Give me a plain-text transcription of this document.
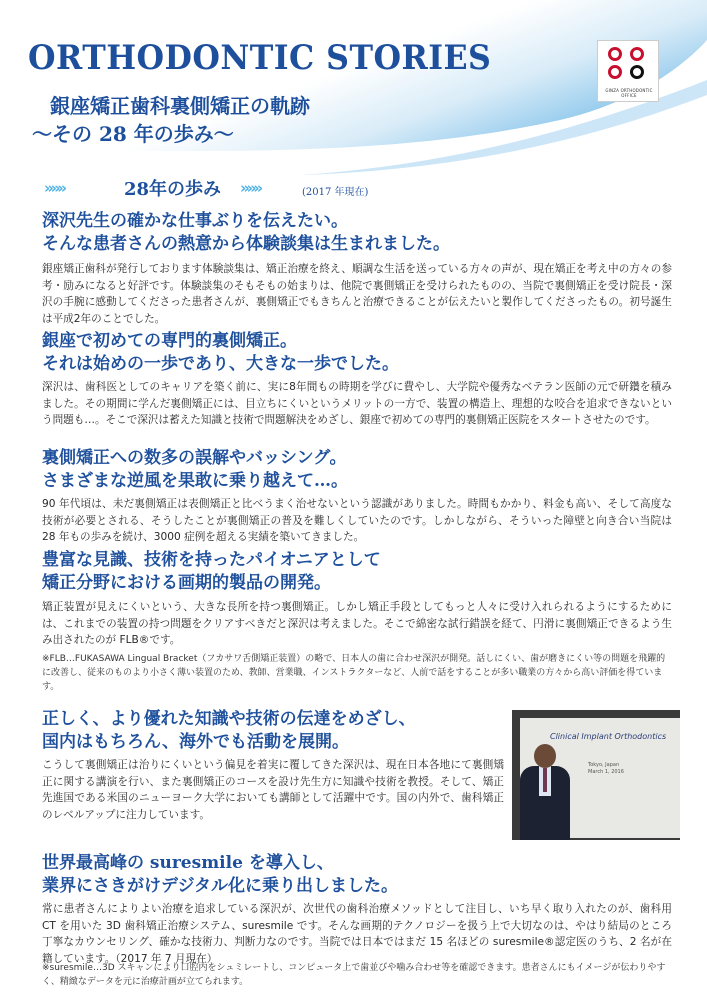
ORTHODONTIC STORIES
銀座矯正歯科裏側矯正の軌跡
〜その 28 年の歩み〜
GINZA ORTHODONTIC OFFICE
»»»	28年の歩み »»»	(2017 年現在)
深沢先生の確かな仕事ぶりを伝えたい。
そんな患者さんの熱意から体験談集は生まれました。
銀座矯正歯科が発行しております体験談集は、矯正治療を終え、順調な生活を送っている方々の声が、現在矯正を考え中の方々の参考・励みになると好評です。体験談集のそもそもの始まりは、他院で裏側矯正を受けられたものの、当院で裏側矯正を受け院長・深沢の手腕に感動してくださった患者さんが、裏側矯正でもきちんと治療できることが伝えたいと製作してくださったもの。初号誕生は平成2年のことでした。
銀座で初めての専門的裏側矯正。
それは始めの一歩であり、大きな一歩でした。
深沢は、歯科医としてのキャリアを築く前に、実に8年間もの時期を学びに費やし、大学院や優秀なベテラン医師の元で研鑽を積みました。その期間に学んだ裏側矯正には、目立ちにくいというメリットの一方で、装置の構造上、理想的な咬合を追求できないという問題も…。そこで深沢は蓄えた知識と技術で問題解決をめざし、銀座で初めての専門的裏側矯正医院をスタートさせたのです。
裏側矯正への数多の誤解やバッシング。
さまざまな逆風を果敢に乗り越えて…。
90 年代頃は、未だ裏側矯正は表側矯正と比べうまく治せないという認識がありました。時間もかかり、料金も高い、そして高度な技術が必要とされる、そうしたことが裏側矯正の普及を難しくしていたのです。しかしながら、そういった障壁と向き合い当院は 28 年もの歩みを続け、3000 症例を超える実績を築いてきました。
豊富な見識、技術を持ったパイオニアとして
矯正分野における画期的製品の開発。
矯正装置が見えにくいという、大きな長所を持つ裏側矯正。しかし矯正手段としてもっと人々に受け入れられるようにするためには、これまでの装置の持つ問題をクリアすべきだと深沢は考えました。そこで綿密な試行錯誤を経て、円滑に裏側矯正できるよう生み出されたのが FLB®です。
※FLB…FUKASAWA Lingual Bracket（フカサワ舌側矯正装置）の略で、日本人の歯に合わせ深沢が開発。話しにくい、歯が磨きにくい等の問題を飛躍的に改善し、従来のものより小さく薄い装置のため、教師、営業職、インストラクターなど、人前で話をすることが多い職業の方々から高い評価を得ています。
正しく、より優れた知識や技術の伝達をめざし、
国内はもちろん、海外でも活動を展開。
こうして裏側矯正は治りにくいという偏見を着実に覆してきた深沢は、現在日本各地にて裏側矯正に関する講演を行い、また裏側矯正のコースを設け先生方に知識や技術を教授。そして、矯正先進国である米国のニューヨーク大学においても講師として活躍中です。国の内外で、歯科矯正のレベルアップに注力しています。
Clinical Implant Orthodontics
Tokyo, Japan
March 1, 2016
世界最高峰の suresmile を導入し、
業界にさきがけデジタル化に乗り出しました。
常に患者さんによりよい治療を追求している深沢が、次世代の歯科治療メソッドとして注目し、いち早く取り入れたのが、歯科用 CT を用いた 3D 歯科矯正治療システム、suresmile です。そんな画期的テクノロジーを扱う上で大切なのは、やはり結局のところ丁寧なカウンセリング、確かな技術力、判断力なのです。当院では日本ではまだ 15 名ほどの suresmile®認定医のうち、2 名が在籍しています。（2017 年 7 月現在）
※suresmile…3D スキャンにより口腔内をシュミレートし、コンピュータ上で歯並びや噛み合わせ等を確認できます。患者さんにもイメージが伝わりやすく、精緻なデータを元に治療計画が立てられます。
